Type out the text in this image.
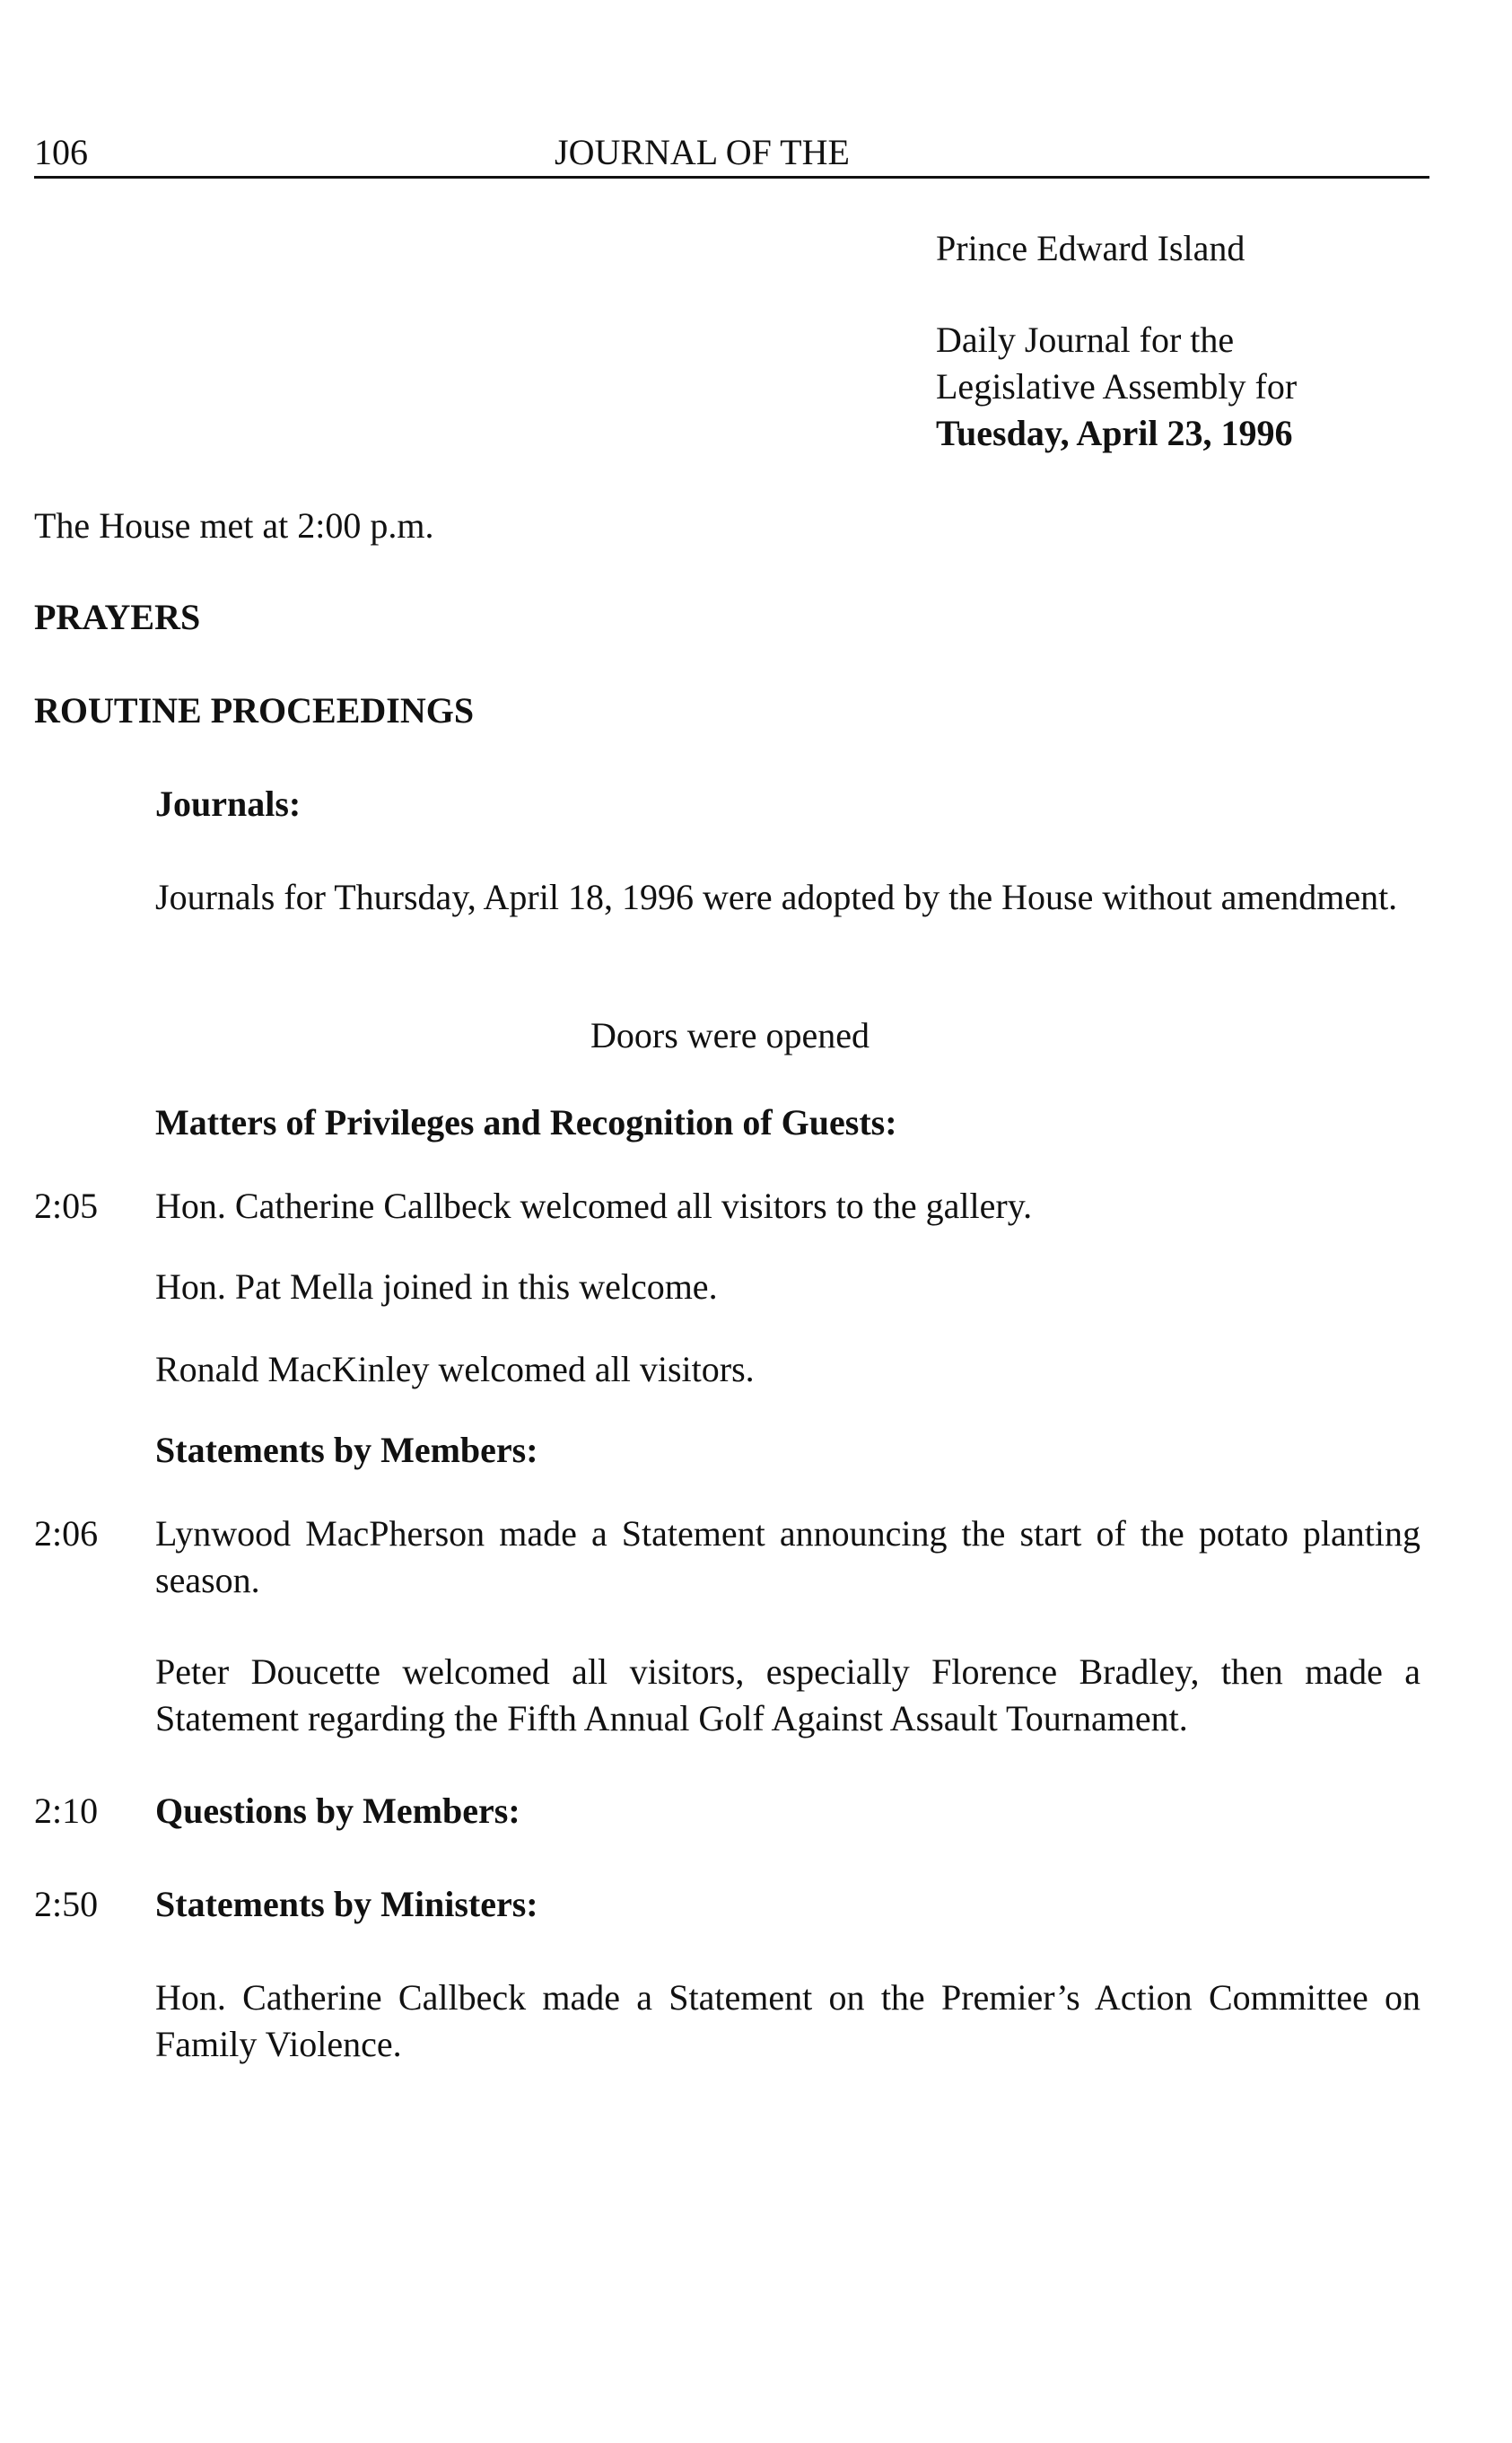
106	JOURNAL OF THE
Prince Edward Island
Daily Journal for the
Legislative Assembly for
Tuesday, April 23, 1996
The House met at 2:00 p.m.
PRAYERS
ROUTINE PROCEEDINGS
Journals:
Journals for Thursday, April 18, 1996 were adopted by the House without amendment.
Doors were opened
Matters of Privileges and Recognition of Guests:
2:05 Hon. Catherine Callbeck welcomed all visitors to the gallery.
Hon. Pat Mella joined in this welcome.
Ronald MacKinley welcomed all visitors.
Statements by Members:
2:06 Lynwood MacPherson made a Statement announcing the start of the potato planting season.
Peter Doucette welcomed all visitors, especially Florence Bradley, then made a Statement regarding the Fifth Annual Golf Against Assault Tournament.
2:10 Questions by Members:
2:50 Statements by Ministers:
Hon. Catherine Callbeck made a Statement on the Premier’s Action Committee on Family Violence.
